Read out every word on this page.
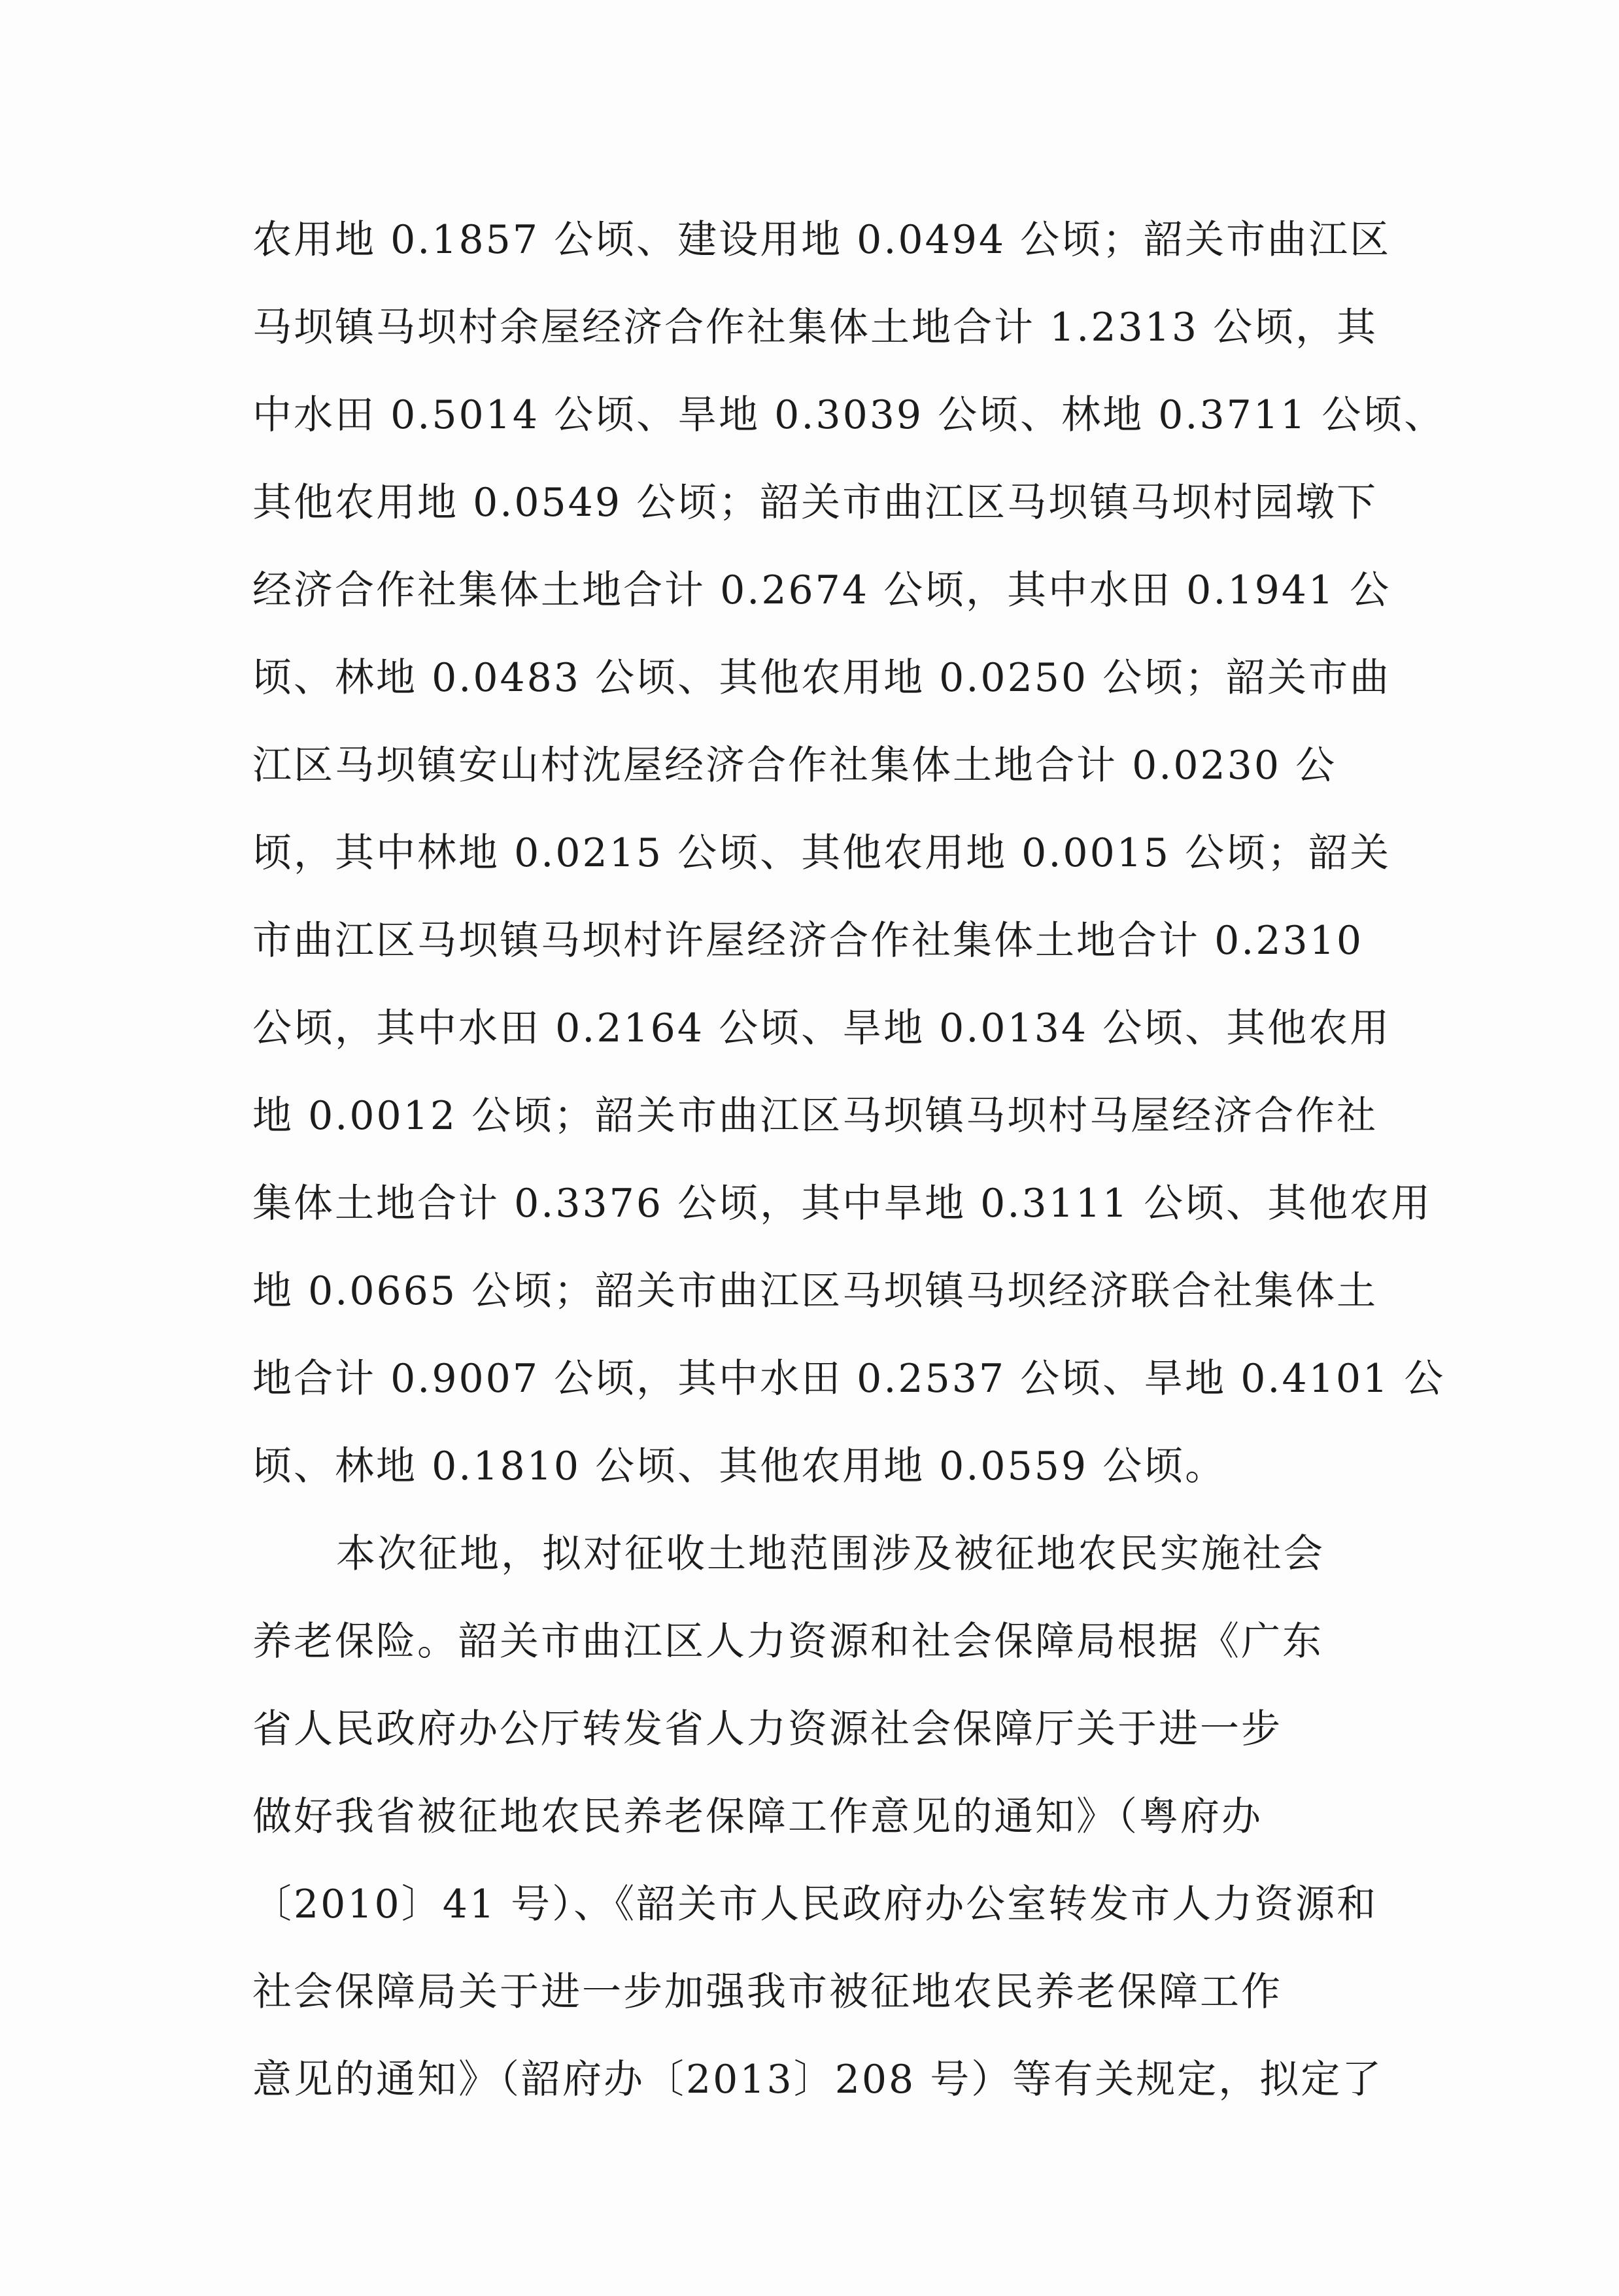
农用地 0.1857 公顷、建设用地 0.0494 公顷；韶关市曲江区
马坝镇马坝村余屋经济合作社集体土地合计 1.2313 公顷，其
中水田 0.5014 公顷、旱地 0.3039 公顷、林地 0.3711 公顷、
其他农用地 0.0549 公顷；韶关市曲江区马坝镇马坝村园墩下
经济合作社集体土地合计 0.2674 公顷，其中水田 0.1941 公
顷、林地 0.0483 公顷、其他农用地 0.0250 公顷；韶关市曲
江区马坝镇安山村沈屋经济合作社集体土地合计 0.0230 公
顷，其中林地 0.0215 公顷、其他农用地 0.0015 公顷；韶关
市曲江区马坝镇马坝村许屋经济合作社集体土地合计 0.2310
公顷，其中水田 0.2164 公顷、旱地 0.0134 公顷、其他农用
地 0.0012 公顷；韶关市曲江区马坝镇马坝村马屋经济合作社
集体土地合计 0.3376 公顷，其中旱地 0.3111 公顷、其他农用
地 0.0665 公顷；韶关市曲江区马坝镇马坝经济联合社集体土
地合计 0.9007 公顷，其中水田 0.2537 公顷、旱地 0.4101 公
顷、林地 0.1810 公顷、其他农用地 0.0559 公顷。
本次征地，拟对征收土地范围涉及被征地农民实施社会
养老保险。韶关市曲江区人力资源和社会保障局根据《广东
省人民政府办公厅转发省人力资源社会保障厅关于进一步
做好我省被征地农民养老保障工作意见的通知》（粤府办
〔2010〕41 号）、《韶关市人民政府办公室转发市人力资源和
社会保障局关于进一步加强我市被征地农民养老保障工作
意见的通知》（韶府办〔2013〕208 号）等有关规定，拟定了
